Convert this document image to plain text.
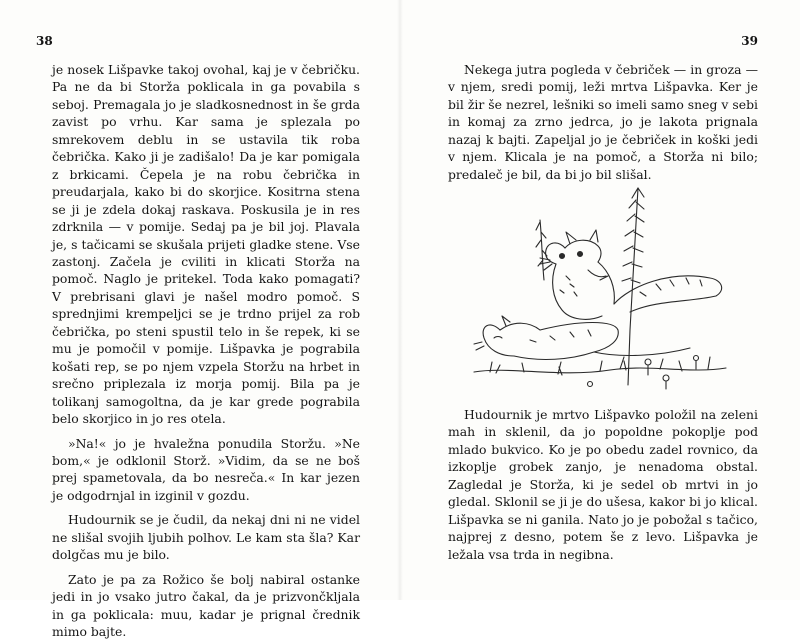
38

je nosek Lišpavke takoj ovohal, kaj je v čebričku. Pa ne da bi Storža poklicala in ga povabila s seboj. Premagala jo je sladkosnednost in še grda zavist po vrhu. Kar sama je splezala po smrekovem deblu in se ustavila tik roba čebrička. Kako ji je zadišalo! Da je kar pomigala z brkicami. Čepela je na robu čebrička in preudarjala, kako bi do skorjice. Kositrna stena se ji je zdela dokaj raskava. Poskusila je in res zdrknila — v pomije. Sedaj pa je bil joj. Plavala je, s tačicami se skušala prijeti gladke stene. Vse zastonj. Začela je cviliti in klicati Storža na pomoč. Naglo je pritekel. Toda kako pomagati? V prebrisani glavi je našel modro pomoč. S sprednjimi krempeljci se je trdno prijel za rob čebrička, po steni spustil telo in še repek, ki se mu je pomočil v pomije. Lišpavka je pograbila košati rep, se po njem vzpela Storžu na hrbet in srečno priplezala iz morja pomij. Bila pa je tolikanj samogoltna, da je kar grede pograbila belo skorjico in jo res otela.

»Na!« jo je hvaležna ponudila Storžu. »Ne bom,« je odklonil Storž. »Vidim, da se ne boš prej spametovala, da bo nesreča.« In kar jezen je odgodrnjal in izginil v gozdu.

Hudournik se je čudil, da nekaj dni ni ne videl ne slišal svojih ljubih polhov. Le kam sta šla? Kar dolgčas mu je bilo.

Zato je pa za Rožico še bolj nabiral ostanke jedi in jo vsako jutro čakal, da je prizvončkljala in ga poklicala: muu, kadar je prignal črednik mimo bajte.

39

Nekega jutra pogleda v čebriček — in groza — v njem, sredi pomij, leži mrtva Lišpavka. Ker je bil žir še nezrel, lešniki so imeli samo sneg v sebi in komaj za zrno jedrca, jo je lakota prignala nazaj k bajti. Zapeljal jo je čebriček in koški jedi v njem. Klicala je na pomoč, a Storža ni bilo; predaleč je bil, da bi jo bil slišal.

Hudournik je mrtvo Lišpavko položil na zeleni mah in sklenil, da jo popoldne pokoplje pod mlado bukvico. Ko je po obedu zadel rovnico, da izkoplje grobek zanjo, je nenadoma obstal. Zagledal je Storža, ki je sedel ob mrtvi in jo gledal. Sklonil se ji je do ušesa, kakor bi jo klical. Lišpavka se ni ganila. Nato jo je pobožal s tačico, najprej z desno, potem še z levo. Lišpavka je ležala vsa trda in negibna.
